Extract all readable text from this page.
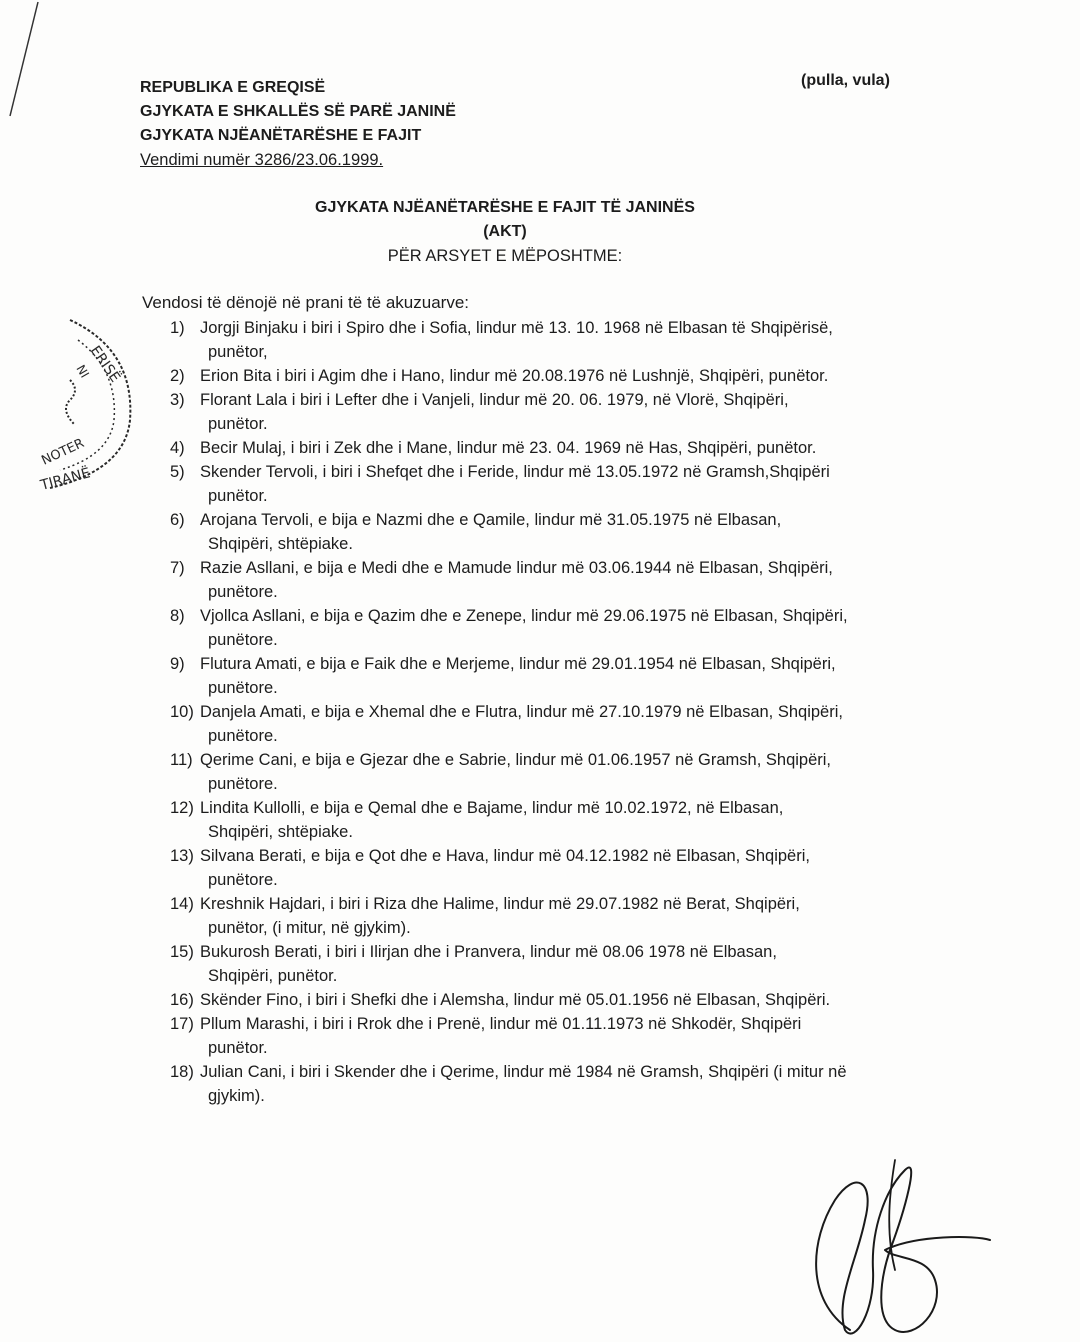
REPUBLIKA E GREQISË
GJYKATA E SHKALLËS SË PARË JANINË
GJYKATA NJËANËTARËSHE E FAJIT
Vendimi numër 3286/23.06.1999.
(pulla, vula)
GJYKATA NJËANËTARËSHE E FAJIT TË JANINËS
(AKT)
PËR ARSYET E MËPOSHTME:
Vendosi të dënojë në prani të të akuzuarve:
1) Jorgji Binjaku i biri i Spiro dhe i Sofia, lindur më 13. 10. 1968 në Elbasan të Shqipërisë,
punëtor,
2) Erion Bita i biri i Agim dhe i Hano, lindur më 20.08.1976 në Lushnjë, Shqipëri, punëtor.
3) Florant Lala i biri i Lefter dhe i Vanjeli, lindur më 20. 06. 1979, në Vlorë, Shqipëri,
punëtor.
4) Becir Mulaj, i biri i Zek dhe i Mane, lindur më 23. 04. 1969 në Has, Shqipëri, punëtor.
5) Skender Tervoli, i biri i Shefqet dhe i Feride, lindur më 13.05.1972 në Gramsh,Shqipëri
punëtor.
6) Arojana Tervoli, e bija e Nazmi dhe e Qamile, lindur më 31.05.1975 në Elbasan,
Shqipëri, shtëpiake.
7) Razie Asllani, e bija e Medi dhe e Mamude lindur më 03.06.1944 në Elbasan, Shqipëri,
punëtore.
8) Vjollca Asllani, e bija e Qazim dhe e Zenepe, lindur më 29.06.1975 në Elbasan, Shqipëri,
punëtore.
9) Flutura Amati, e bija e Faik dhe e Merjeme, lindur më 29.01.1954 në Elbasan, Shqipëri,
punëtore.
10) Danjela Amati, e bija e Xhemal dhe e Flutra, lindur më 27.10.1979 në Elbasan, Shqipëri,
punëtore.
11) Qerime Cani, e bija e Gjezar dhe e Sabrie, lindur më 01.06.1957 në Gramsh, Shqipëri,
punëtore.
12) Lindita Kullolli, e bija e Qemal dhe e Bajame, lindur më 10.02.1972, në Elbasan,
Shqipëri, shtëpiake.
13) Silvana Berati, e bija e Qot dhe e Hava, lindur më 04.12.1982 në Elbasan, Shqipëri,
punëtore.
14) Kreshnik Hajdari, i biri i Riza dhe Halime, lindur më 29.07.1982 në Berat, Shqipëri,
punëtor, (i mitur, në gjykim).
15) Bukurosh Berati, i biri i Ilirjan dhe i Pranvera, lindur më 08.06 1978 në Elbasan,
Shqipëri, punëtor.
16) Skënder Fino, i biri i Shefki dhe i Alemsha, lindur më 05.01.1956 në Elbasan, Shqipëri.
17) Pllum Marashi, i biri i Rrok dhe i Prenë, lindur më 01.11.1973 në Shkodër, Shqipëri
punëtor.
18) Julian Cani, i biri i Skender dhe i Qerime, lindur më 1984 në Gramsh, Shqipëri (i mitur në
gjykim).
ERISË
NI
NOTER
TIRANË
